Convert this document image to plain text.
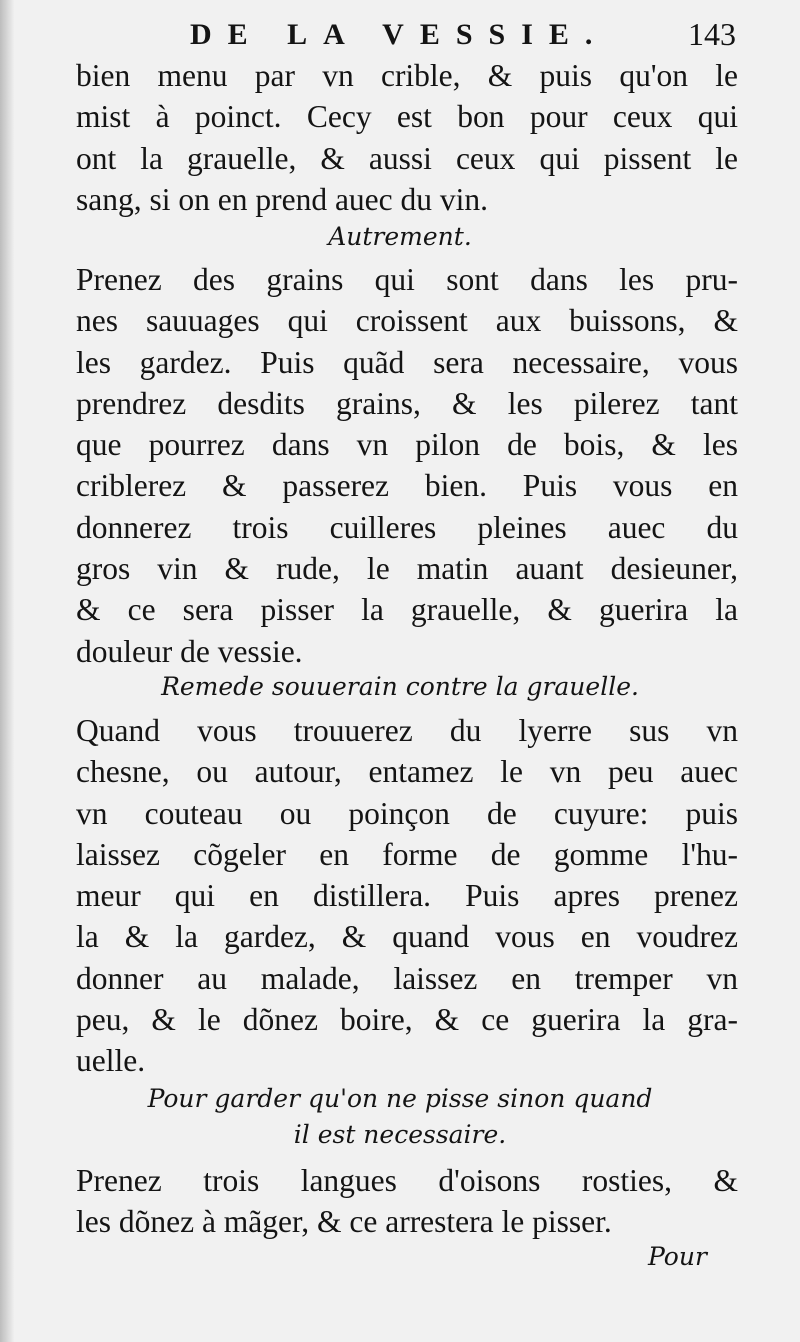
DE LA VESSIE. 143
bien menu par vn crible, & puis qu'on le
mist à poinct. Cecy est bon pour ceux qui
ont la grauelle, & aussi ceux qui pissent le
sang, si on en prend auec du vin.
Autrement.
Prenez des grains qui sont dans les pru-
nes sauuages qui croissent aux buissons, &
les gardez. Puis quãd sera necessaire, vous
prendrez desdits grains, & les pilerez tant
que pourrez dans vn pilon de bois, & les
criblerez & passerez bien. Puis vous en
donnerez trois cuilleres pleines auec du
gros vin & rude, le matin auant desieuner,
& ce sera pisser la grauelle, & guerira la
douleur de vessie.
Remede souuerain contre la grauelle.
Quand vous trouuerez du lyerre sus vn
chesne, ou autour, entamez le vn peu auec
vn couteau ou poinçon de cuyure: puis
laissez cõgeler en forme de gomme l'hu-
meur qui en distillera. Puis apres prenez
la & la gardez, & quand vous en voudrez
donner au malade, laissez en tremper vn
peu, & le dõnez boire, & ce guerira la gra-
uelle.
Pour garder qu'on ne pisse sinon quand
il est necessaire.
Prenez trois langues d'oisons rosties, &
les dõnez à mãger, & ce arrestera le pisser.
Pour
